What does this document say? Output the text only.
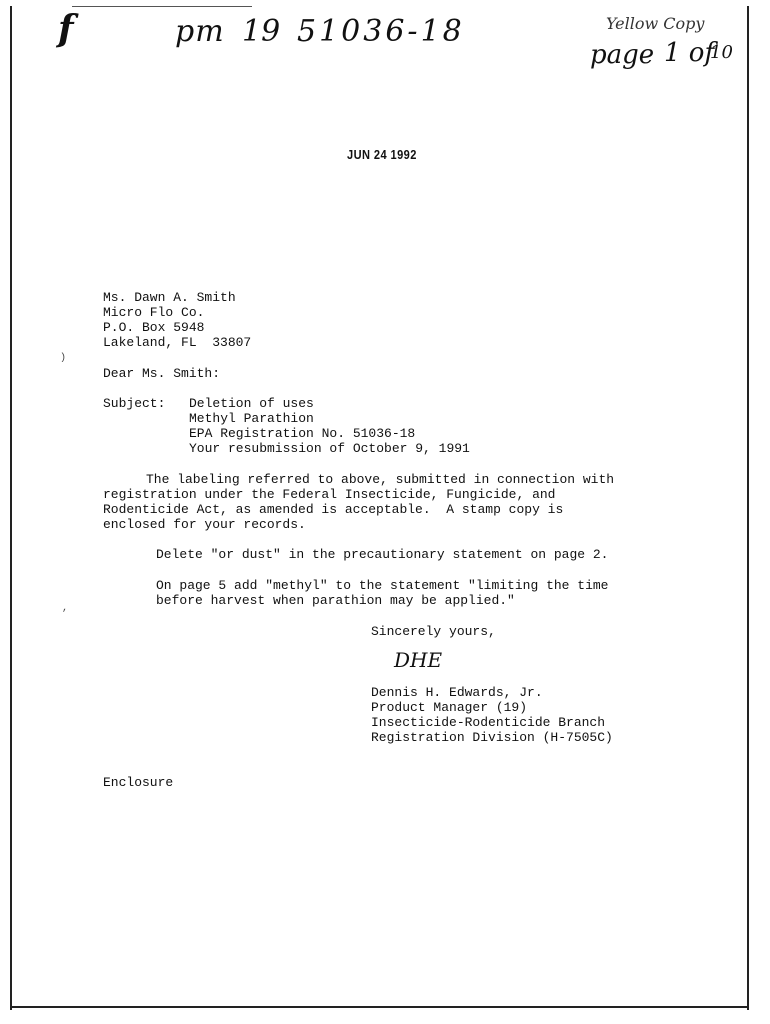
f	pm 19 51036-18	Yellow Copy
page 1 of
10
JUN 24 1992
Ms. Dawn A. Smith
Micro Flo Co.
P.O. Box 5948
Lakeland, FL  33807
)
Dear Ms. Smith:
Subject: Deletion of uses
Methyl Parathion
EPA Registration No. 51036-18
Your resubmission of October 9, 1991
The labeling referred to above, submitted in connection with
registration under the Federal Insecticide, Fungicide, and
Rodenticide Act, as amended is acceptable.  A stamp copy is
enclosed for your records.
Delete "or dust" in the precautionary statement on page 2.
On page 5 add "methyl" to the statement "limiting the time
before harvest when parathion may be applied."
,
Sincerely yours,
DHE
Dennis H. Edwards, Jr.
Product Manager (19)
Insecticide-Rodenticide Branch
Registration Division (H-7505C)
Enclosure
